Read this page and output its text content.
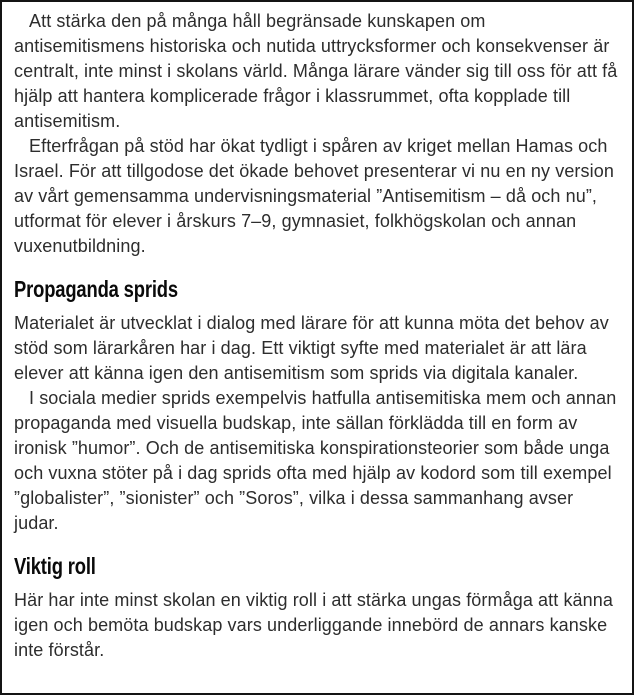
Att stärka den på många håll begränsade kunskapen om antisemitismens historiska och nutida uttrycksformer och konsekvenser är centralt, inte minst i skolans värld. Många lärare vänder sig till oss för att få hjälp att hantera komplicerade frågor i klassrummet, ofta kopplade till antisemitism.

Efterfrågan på stöd har ökat tydligt i spåren av kriget mellan Hamas och Israel. För att tillgodose det ökade behovet presenterar vi nu en ny version av vårt gemensamma undervisningsmaterial ”Antisemitism – då och nu”, utformat för elever i årskurs 7–9, gymnasiet, folkhögskolan och annan vuxenutbildning.

Propaganda sprids

Materialet är utvecklat i dialog med lärare för att kunna möta det behov av stöd som lärarkåren har i dag. Ett viktigt syfte med materialet är att lära elever att känna igen den antisemitism som sprids via digitala kanaler.

I sociala medier sprids exempelvis hatfulla antisemitiska mem och annan propaganda med visuella budskap, inte sällan förklädda till en form av ironisk ”humor”. Och de antisemitiska konspirationsteorier som både unga och vuxna stöter på i dag sprids ofta med hjälp av kodord som till exempel ”globalister”, ”sionister” och ”Soros”, vilka i dessa sammanhang avser judar.

Viktig roll

Här har inte minst skolan en viktig roll i att stärka ungas förmåga att känna igen och bemöta budskap vars underliggande innebörd de annars kanske inte förstår.
